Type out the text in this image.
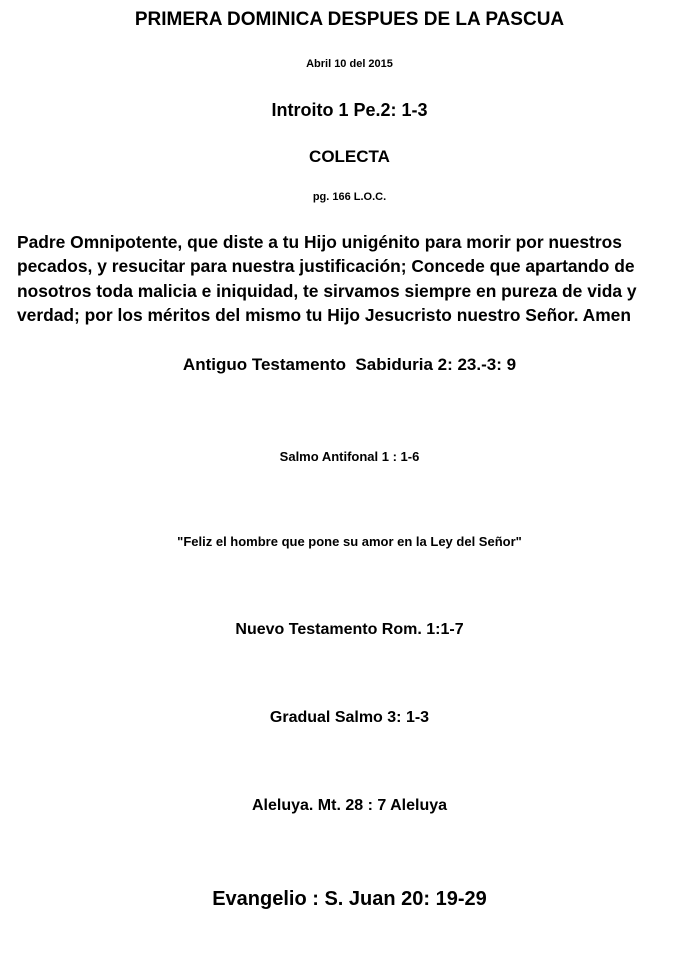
PRIMERA DOMINICA DESPUES DE LA PASCUA
Abril 10 del 2015
Introito 1 Pe.2: 1-3
COLECTA
pg. 166 L.O.C.
Padre Omnipotente, que diste a tu Hijo unigénito para morir por nuestros
pecados, y resucitar para nuestra justificación; Concede que apartando de
nosotros toda malicia e iniquidad, te sirvamos siempre en pureza de vida y
verdad; por los méritos del mismo tu Hijo Jesucristo nuestro Señor. Amen
Antiguo Testamento  Sabiduria 2: 23.-3: 9
Salmo Antifonal 1 : 1-6
"Feliz el hombre que pone su amor en la Ley del Señor"
Nuevo Testamento Rom. 1:1-7
Gradual Salmo 3: 1-3
Aleluya. Mt. 28 : 7 Aleluya
Evangelio : S. Juan 20: 19-29
